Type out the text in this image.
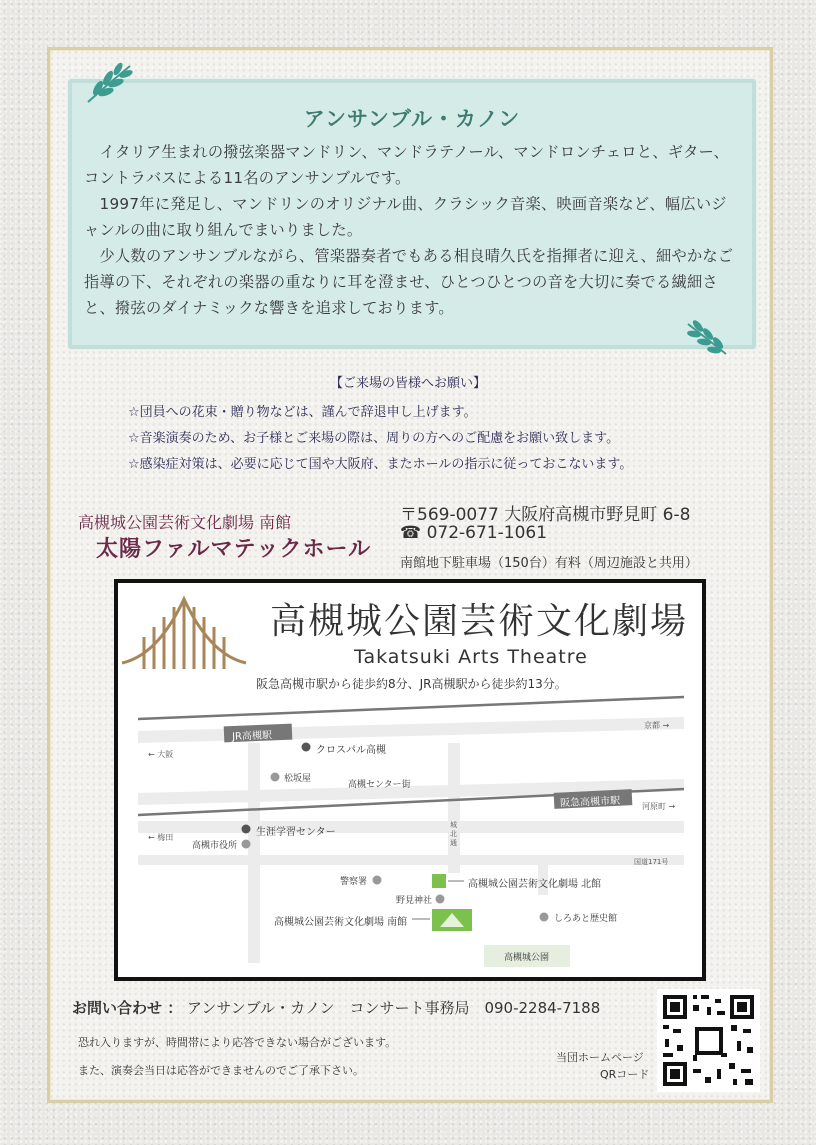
アンサンブル・カノン

　イタリア生まれの撥弦楽器マンドリン、マンドラテノール、マンドロンチェロと、ギター、コントラバスによる11名のアンサンブルです。

　1997年に発足し、マンドリンのオリジナル曲、クラシック音楽、映画音楽など、幅広いジャンルの曲に取り組んでまいりました。

　少人数のアンサンブルながら、管楽器奏者でもある相良晴久氏を指揮者に迎え、細やかなご指導の下、それぞれの楽器の重なりに耳を澄ませ、ひとつひとつの音を大切に奏でる繊細さと、撥弦のダイナミックな響きを追求しております。

【ご来場の皆様へお願い】
☆団員への花束・贈り物などは、謹んで辞退申し上げます。
☆音楽演奏のため、お子様とご来場の際は、周りの方へのご配慮をお願い致します。
☆感染症対策は、必要に応じて国や大阪府、またホールの指示に従っておこないます。
高槻城公園芸術文化劇場 南館
太陽ファルマテックホール
〒569-0077 大阪府高槻市野見町 6-8
☎ 072-671-1061
南館地下駐車場（150台）有料（周辺施設と共用）
高槻城公園芸術文化劇場
Takatsuki Arts Theatre
阪急高槻市駅から徒歩約8分、JR高槻駅から徒歩約13分。
JR高槻駅
阪急高槻市駅
京都 →
← 大阪
河原町 →
← 梅田
クロスパル高槻
松坂屋
高槻センター街
生涯学習センター
高槻市役所
城北通
国道171号
警察署
野見神社
高槻城公園芸術文化劇場 北館
高槻城公園芸術文化劇場 南館	しろあと歴史館
高槻城公園
お問い合わせ ： アンサンブル・カノン　コンサート事務局　090-2284-7188
恐れ入りますが、時間帯により応答できない場合がございます。
また、演奏会当日は応答ができませんのでご了承下さい。
当団ホームページ
QRコード
